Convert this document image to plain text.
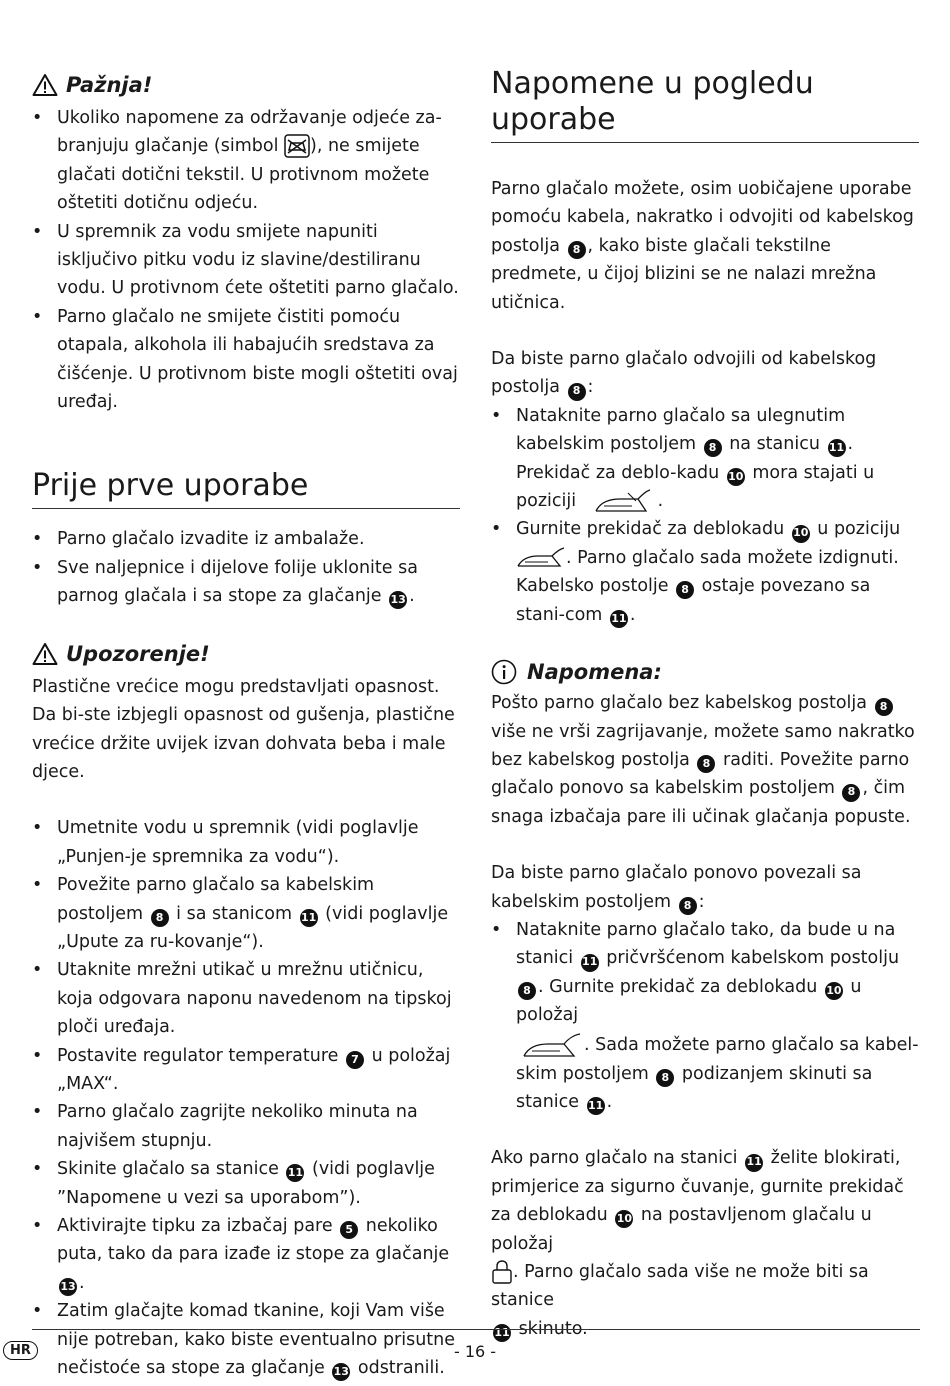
Pažnja!
• Ukoliko napomene za održavanje odjeće za-branjuju glačanje (simbol ), ne smijete glačati dotični tekstil. U protivnom možete oštetiti dotičnu odjeću.
• U spremnik za vodu smijete napuniti isključivo pitku vodu iz slavine/destiliranu vodu. U protivnom ćete oštetiti parno glačalo.
• Parno glačalo ne smijete čistiti pomoću otapala, alkohola ili habajućih sredstava za čišćenje. U protivnom biste mogli oštetiti ovaj uređaj.
Prije prve uporabe
• Parno glačalo izvadite iz ambalaže.
• Sve naljepnice i dijelove folije uklonite sa parnog glačala i sa stope za glačanje 13 .
Upozorenje!

Plastične vrećice mogu predstavljati opasnost. Da bi-ste izbjegli opasnost od gušenja, plastične vrećice držite uvijek izvan dohvata beba i male djece.

• Umetnite vodu u spremnik (vidi poglavlje „Punjen-je spremnika za vodu“).
• Povežite parno glačalo sa kabelskim postoljem 8 i sa stanicom 11 (vidi poglavlje „Upute za ru-kovanje“).
• Utaknite mrežni utikač u mrežnu utičnicu, koja odgovara naponu navedenom na tipskoj ploči uređaja.
• Postavite regulator temperature 7 u položaj „MAX“.
• Parno glačalo zagrijte nekoliko minuta na najvišem stupnju.
• Skinite glačalo sa stanice 11 (vidi poglavlje ”Napomene u vezi sa uporabom”).
• Aktivirajte tipku za izbačaj pare 5 nekoliko puta, tako da para izađe iz stope za glačanje 13 .
• Zatim glačajte komad tkanine, koji Vam više nije potreban, kako biste eventualno prisutne nečistoće sa stope za glačanje 13 odstranili.
Napomene u pogledu uporabe

Parno glačalo možete, osim uobičajene uporabe pomoću kabela, nakratko i odvojiti od kabelskog postolja 8 , kako biste glačali tekstilne predmete, u čijoj blizini se ne nalazi mrežna utičnica.

Da biste parno glačalo odvojili od kabelskog postolja 8 :

• Nataknite parno glačalo sa ulegnutim kabelskim postoljem 8 na stanicu 11 . Prekidač za deblo-kadu 10 mora stajati u poziciji	.
• Gurnite prekidač za deblokadu 10 u poziciju
. Parno glačalo sada možete izdignuti. Kabelsko postolje 8 ostaje povezano sa stani-com 11 .
Napomena:

Pošto parno glačalo bez kabelskog postolja 8 više ne vrši zagrijavanje, možete samo nakratko bez kabelskog postolja 8 raditi. Povežite parno glačalo ponovo sa kabelskim postoljem 8 , čim snaga izbačaja pare ili učinak glačanja popuste.

Da biste parno glačalo ponovo povezali sa kabelskim postoljem 8 :

• Nataknite parno glačalo tako, da bude u na stanici 11 pričvršćenom kabelskom postolju 8 . Gurnite prekidač za deblokadu 10 u položaj
. Sada možete parno glačalo sa kabel-skim postoljem 8 podizanjem skinuti sa stanice 11 .

Ako parno glačalo na stanici 11 želite blokirati, primjerice za sigurno čuvanje, gurnite prekidač za deblokadu 10 na postavljenom glačalu u položaj
. Parno glačalo sada više ne može biti sa stanice
11 skinuto.

HR	- 16 -
